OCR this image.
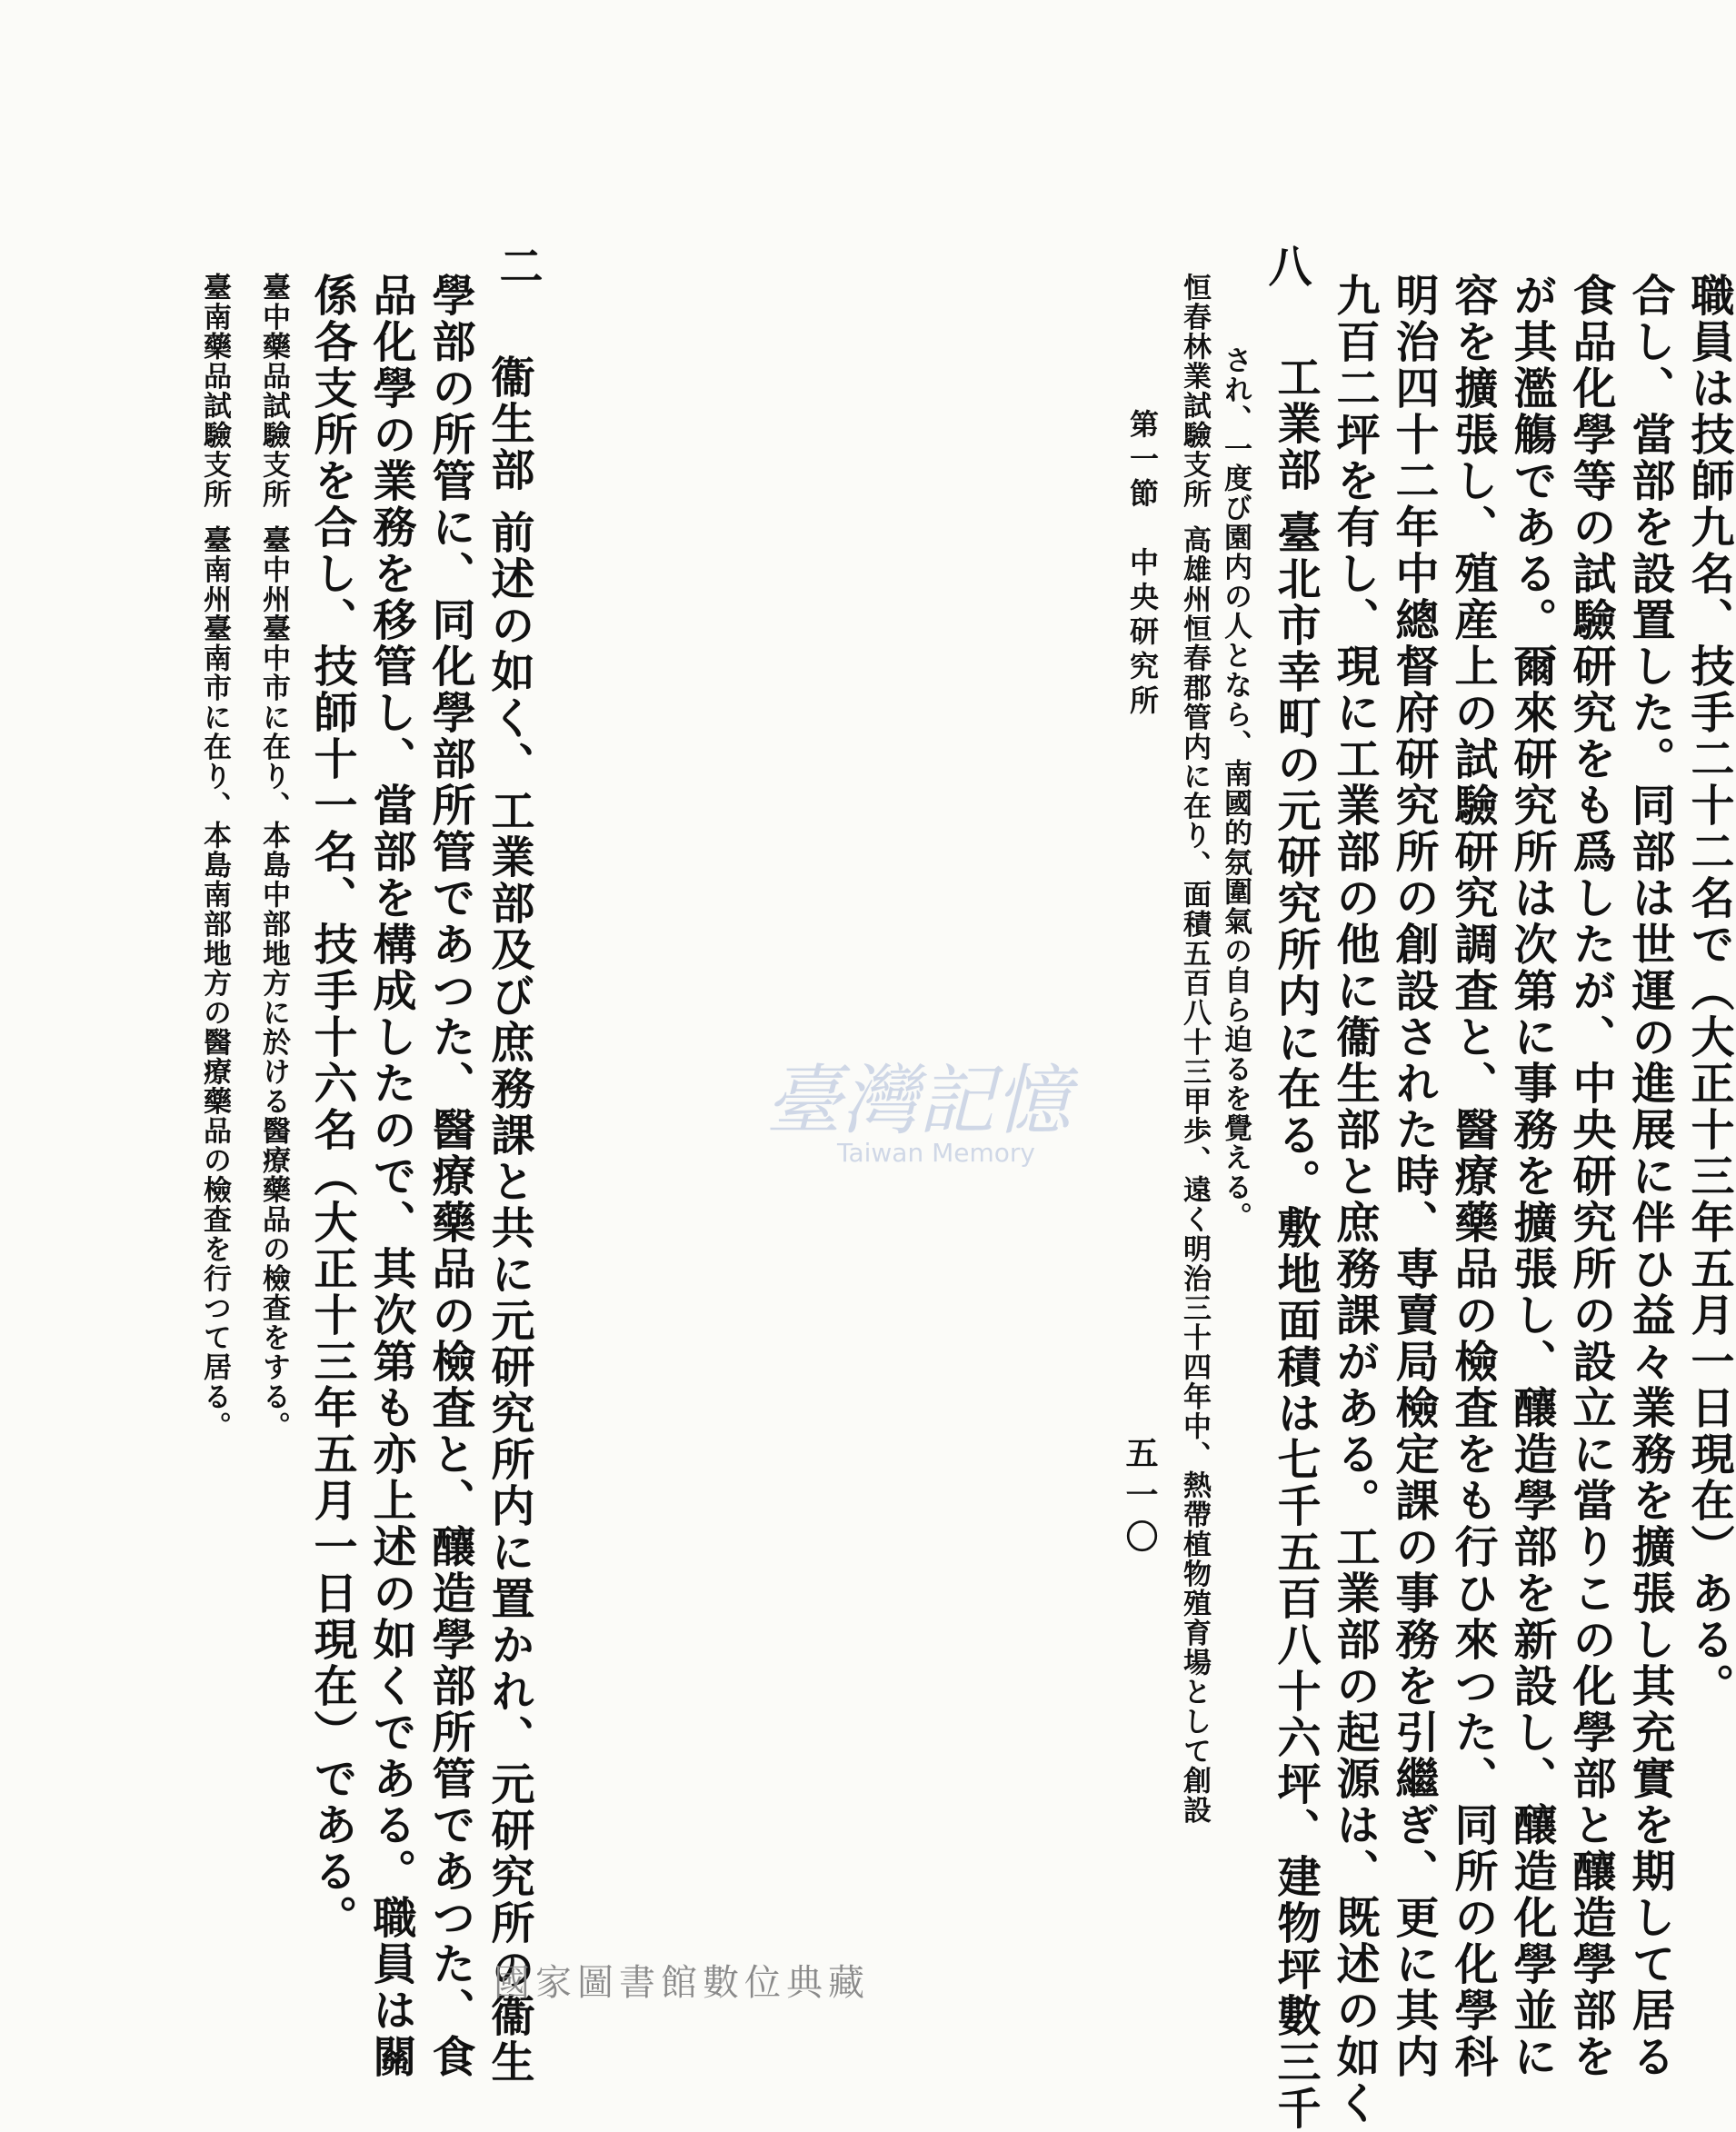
第一節　中央研究所
五一〇
恒春林業試驗支所高雄州恒春郡管内に在り、面積五百八十三甲歩、遠く明治三十四年中、熱帶植物殖育場として創設 され、一度び園内の人となら、南國的氛圍氣の自ら迫るを覺える。
八
工業部臺北市幸町の元研究所内に在る。敷地面積は七千五百八十六坪、建物坪數三千 九百二坪を有し、現に工業部の他に衞生部と庶務課がある。工業部の起源は、既述の如く 明治四十二年中總督府研究所の創設された時、専賣局檢定課の事務を引繼ぎ、更に其内 容を擴張し、殖産上の試驗研究調査と、醫療藥品の檢査をも行ひ來つた、同所の化學科 が其濫觴である。爾來研究所は次第に事務を擴張し、釀造學部を新設し、釀造化學並に 食品化學等の試驗研究をも爲したが、中央研究所の設立に當りこの化學部と釀造學部を 合し、當部を設置した。同部は世運の進展に伴ひ益々業務を擴張し其充實を期して居る 職員は技師九名、技手二十二名で（大正十三年五月一日現在）ある。
二
衞生部前述の如く、工業部及び庶務課と共に元研究所内に置かれ、元研究所の衞生
學部の所管に、同化學部所管であつた、醫療藥品の檢査と、釀造學部所管であつた、食
品化學の業務を移管し、當部を構成したので、其次第も亦上述の如くである。職員は關
係各支所を合し、技師十一名、技手十六名（大正十三年五月一日現在）である。
臺中藥品試驗支所臺中州臺中市に在り、本島中部地方に於ける醫療藥品の檢査をする。
臺南藥品試驗支所臺南州臺南市に在り、本島南部地方の醫療藥品の檢査を行つて居る。	臺灣記憶
Taiwan Memory
國家圖書館數位典藏
